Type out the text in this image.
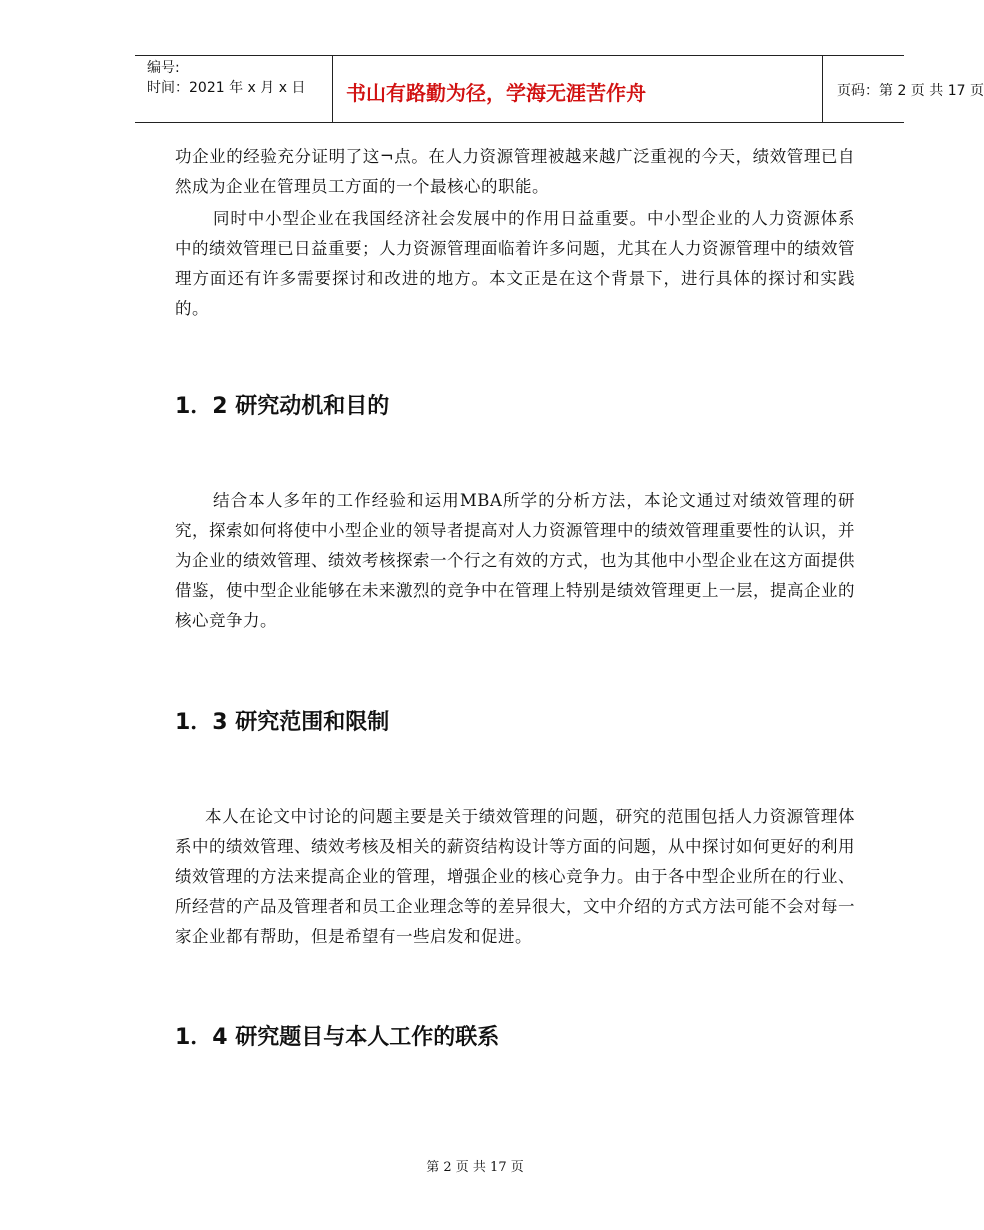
编号:
时间：2021 年 x 月 x 日 书山有路勤为径，学海无涯苦作舟	页码：第 2 页 共 17 页
功企业的经验充分证明了这¬点。在人力资源管理被越来越广泛重视的今天，绩效管理已自然成为企业在管理员工方面的一个最核心的职能。
同时中小型企业在我国经济社会发展中的作用日益重要。中小型企业的人力资源体系中的绩效管理已日益重要；人力资源管理面临着许多问题，尤其在人力资源管理中的绩效管理方面还有许多需要探讨和改进的地方。本文正是在这个背景下，进行具体的探讨和实践的。
1．2 研究动机和目的
结合本人多年的工作经验和运用MBA所学的分析方法，本论文通过对绩效管理的研究，探索如何将使中小型企业的领导者提高对人力资源管理中的绩效管理重要性的认识，并为企业的绩效管理、绩效考核探索一个行之有效的方式，也为其他中小型企业在这方面提供借鉴，使中型企业能够在未来激烈的竞争中在管理上特别是绩效管理更上一层，提高企业的核心竞争力。
1．3 研究范围和限制
本人在论文中讨论的问题主要是关于绩效管理的问题，研究的范围包括人力资源管理体系中的绩效管理、绩效考核及相关的薪资结构设计等方面的问题，从中探讨如何更好的利用绩效管理的方法来提高企业的管理，增强企业的核心竞争力。由于各中型企业所在的行业、所经营的产品及管理者和员工企业理念等的差异很大，文中介绍的方式方法可能不会对每一家企业都有帮助，但是希望有一些启发和促进。
1．4 研究题目与本人工作的联系
第 2 页 共 17 页
